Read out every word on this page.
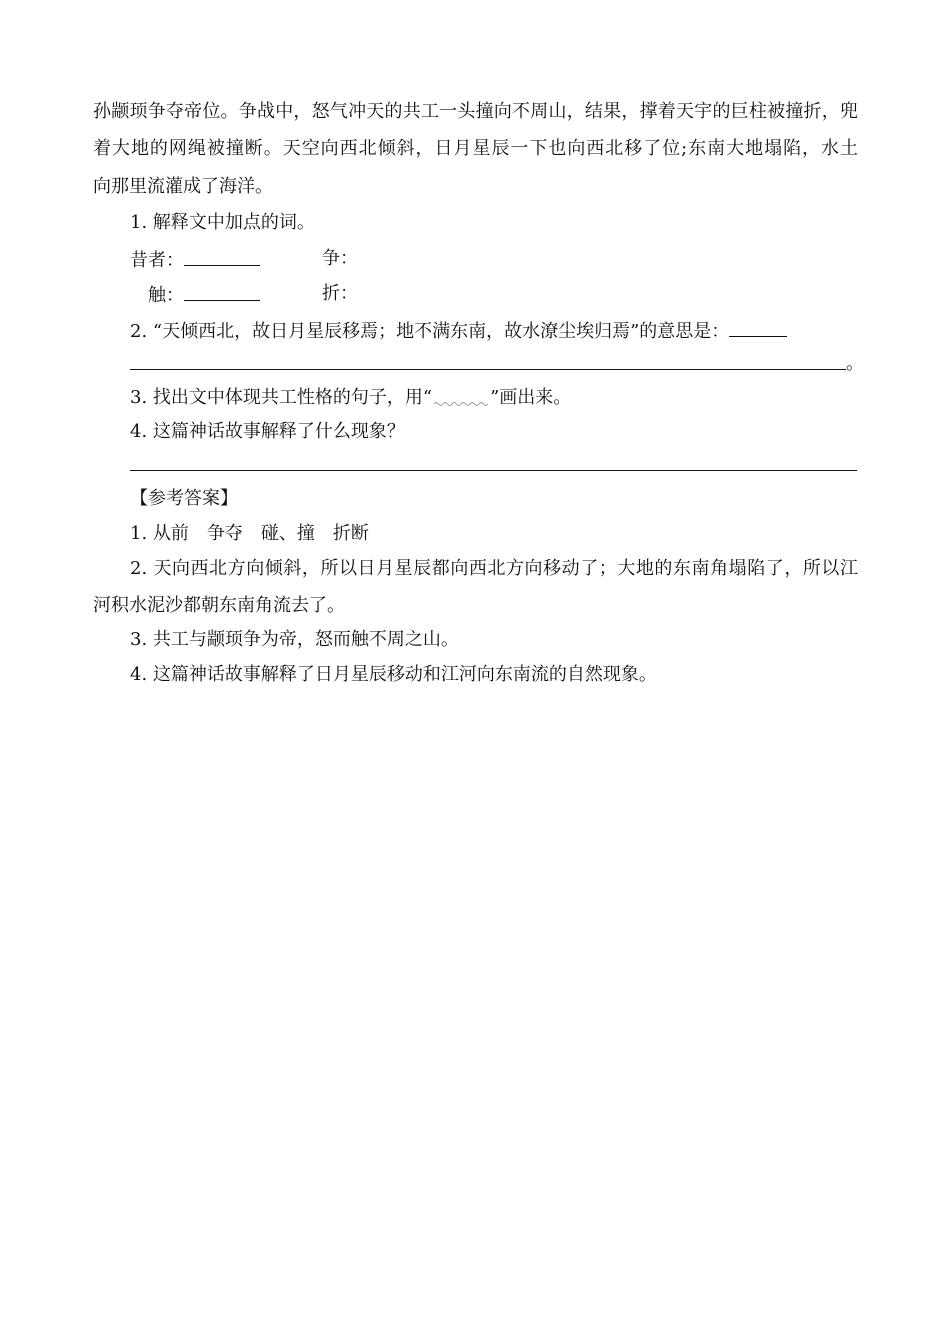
孙颛顼争夺帝位。争战中，怒气冲天的共工一头撞向不周山，结果，撑着天宇的巨柱被撞折，兜
着大地的网绳被撞断。天空向西北倾斜，日月星辰一下也向西北移了位;东南大地塌陷，水土
向那里流灌成了海洋。
1. 解释文中加点的词。
昔者：	争：
触：	折：
2. “天倾西北，故日月星辰移焉；地不满东南，故水潦尘埃归焉”的意思是：
。
3. 找出文中体现共工性格的句子，用“	”画出来。
4. 这篇神话故事解释了什么现象？
【参考答案】
1. 从前　争夺　碰、撞　折断
2. 天向西北方向倾斜，所以日月星辰都向西北方向移动了；大地的东南角塌陷了，所以江
河积水泥沙都朝东南角流去了。
3. 共工与颛顼争为帝，怒而触不周之山。
4. 这篇神话故事解释了日月星辰移动和江河向东南流的自然现象。
